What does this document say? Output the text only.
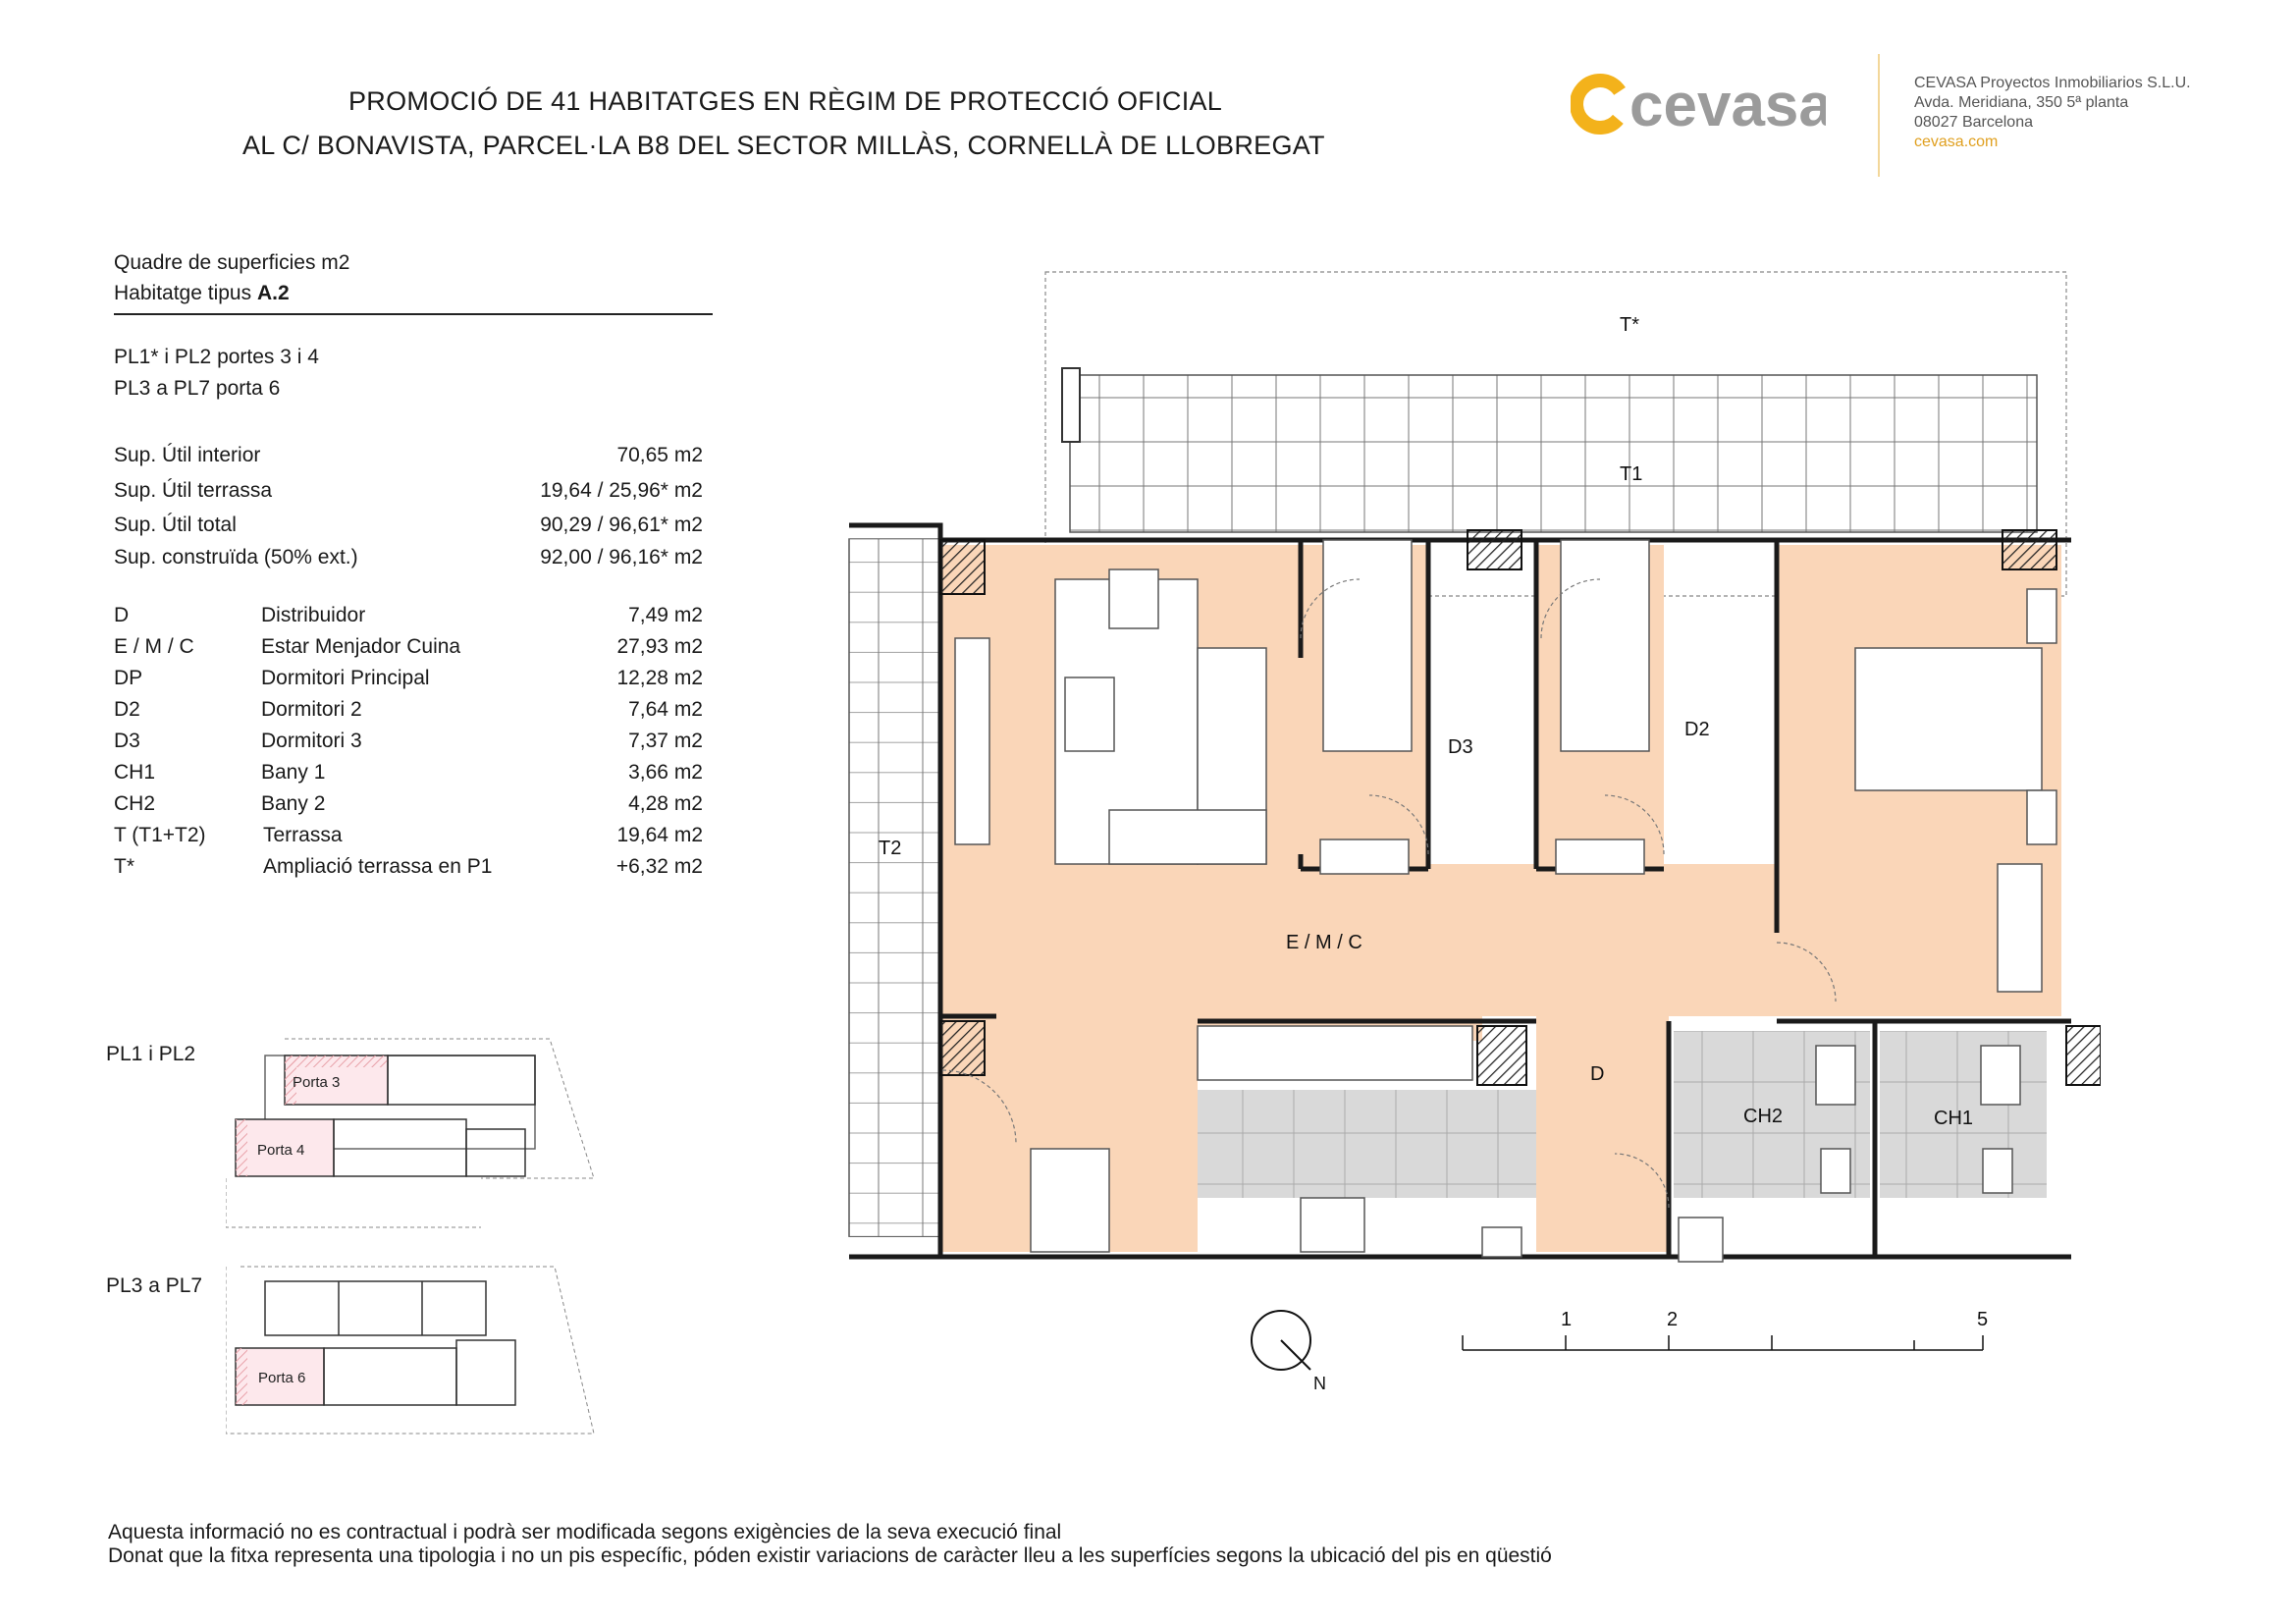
PROMOCIÓ DE 41 HABITATGES EN RÈGIM DE PROTECCIÓ OFICIAL
AL C/ BONAVISTA, PARCEL·LA B8 DEL SECTOR MILLÀS, CORNELLÀ DE LLOBREGAT
cevasa	CEVASA Proyectos Inmobiliarios S.L.U.
Avda. Meridiana, 350 5ª planta
08027 Barcelona
cevasa.com
Quadre de superficies m2
Habitatge tipus A.2
PL1* i PL2 portes 3 i 4
PL3 a PL7 porta 6
Sup. Útil interior	70,65 m2
Sup. Útil terrassa	19,64 / 25,96* m2
Sup. Útil total	90,29 / 96,61* m2
Sup. construïda (50% ext.)	92,00 / 96,16* m2
D	Distribuidor	7,49 m2
E / M / C	Estar Menjador Cuina	27,93 m2
DP	Dormitori Principal	12,28 m2
D2	Dormitori 2	7,64 m2
D3	Dormitori 3	7,37 m2
CH1	Bany 1	3,66 m2
CH2	Bany 2	4,28 m2
T (T1+T2)	Terrassa	19,64 m2
T*	Ampliació terrassa en P1	+6,32 m2
PL1 i PL2
PL3 a PL7
Porta 3
Porta 4
Porta 6	N
1	2	5
T*
T1
T2
D3
D2
E / M / C
D
CH2	CH1
Aquesta informació no es contractual i podrà ser modificada segons exigències de la seva execució final
Donat que la fitxa representa una tipologia i no un pis específic, póden existir variacions de caràcter lleu a les superfícies segons la ubicació del pis en qüestió
